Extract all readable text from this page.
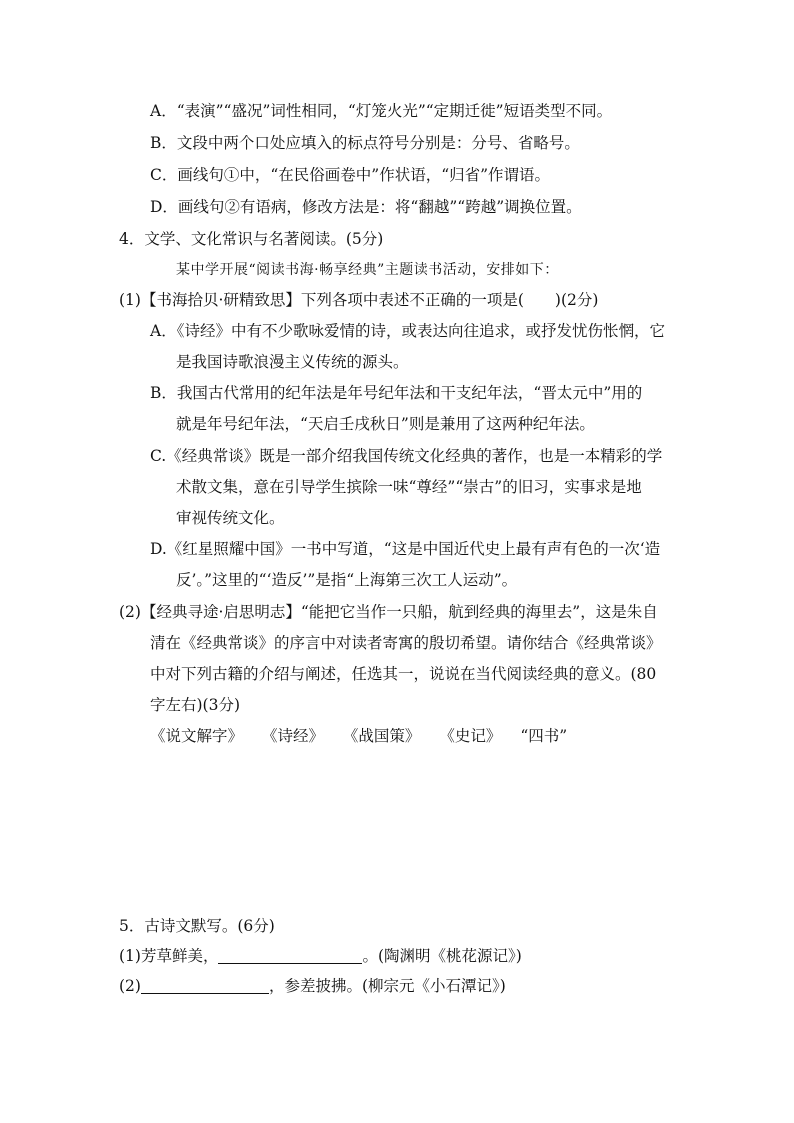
A．“表演”“盛况”词性相同，“灯笼火光”“定期迁徙”短语类型不同。
B．文段中两个口处应填入的标点符号分别是：分号、省略号。
C．画线句①中，“在民俗画卷中”作状语，“归省”作谓语。
D．画线句②有语病，修改方法是：将“翻越”“跨越”调换位置。
4．文学、文化常识与名著阅读。(5分)
某中学开展“阅读书海·畅享经典”主题读书活动，安排如下：
(1)【书海拾贝·研精致思】下列各项中表述不正确的一项是(　　)(2分)
A．《诗经》中有不少歌咏爱情的诗，或表达向往追求，或抒发忧伤怅惘，它
是我国诗歌浪漫主义传统的源头。
B．我国古代常用的纪年法是年号纪年法和干支纪年法，“晋太元中”用的
就是年号纪年法，“天启壬戌秋日”则是兼用了这两种纪年法。
C.《经典常谈》既是一部介绍我国传统文化经典的著作，也是一本精彩的学
术散文集，意在引导学生摈除一味“尊经”“崇古”的旧习，实事求是地
审视传统文化。
D.《红星照耀中国》一书中写道，“这是中国近代史上最有声有色的一次‘造
反’。”这里的“‘造反’”是指“上海第三次工人运动”。
(2)【经典寻途·启思明志】“能把它当作一只船，航到经典的海里去”，这是朱自
清在《经典常谈》的序言中对读者寄寓的殷切希望。请你结合《经典常谈》
中对下列古籍的介绍与阐述，任选其一，说说在当代阅读经典的意义。(80
字左右)(3分)
《说文解字》 《诗经》 《战国策》 《史记》 “四书”
5．古诗文默写。(6分)
(1)芳草鲜美，	。(陶渊明《桃花源记》)
(2)	，参差披拂。(柳宗元《小石潭记》)
